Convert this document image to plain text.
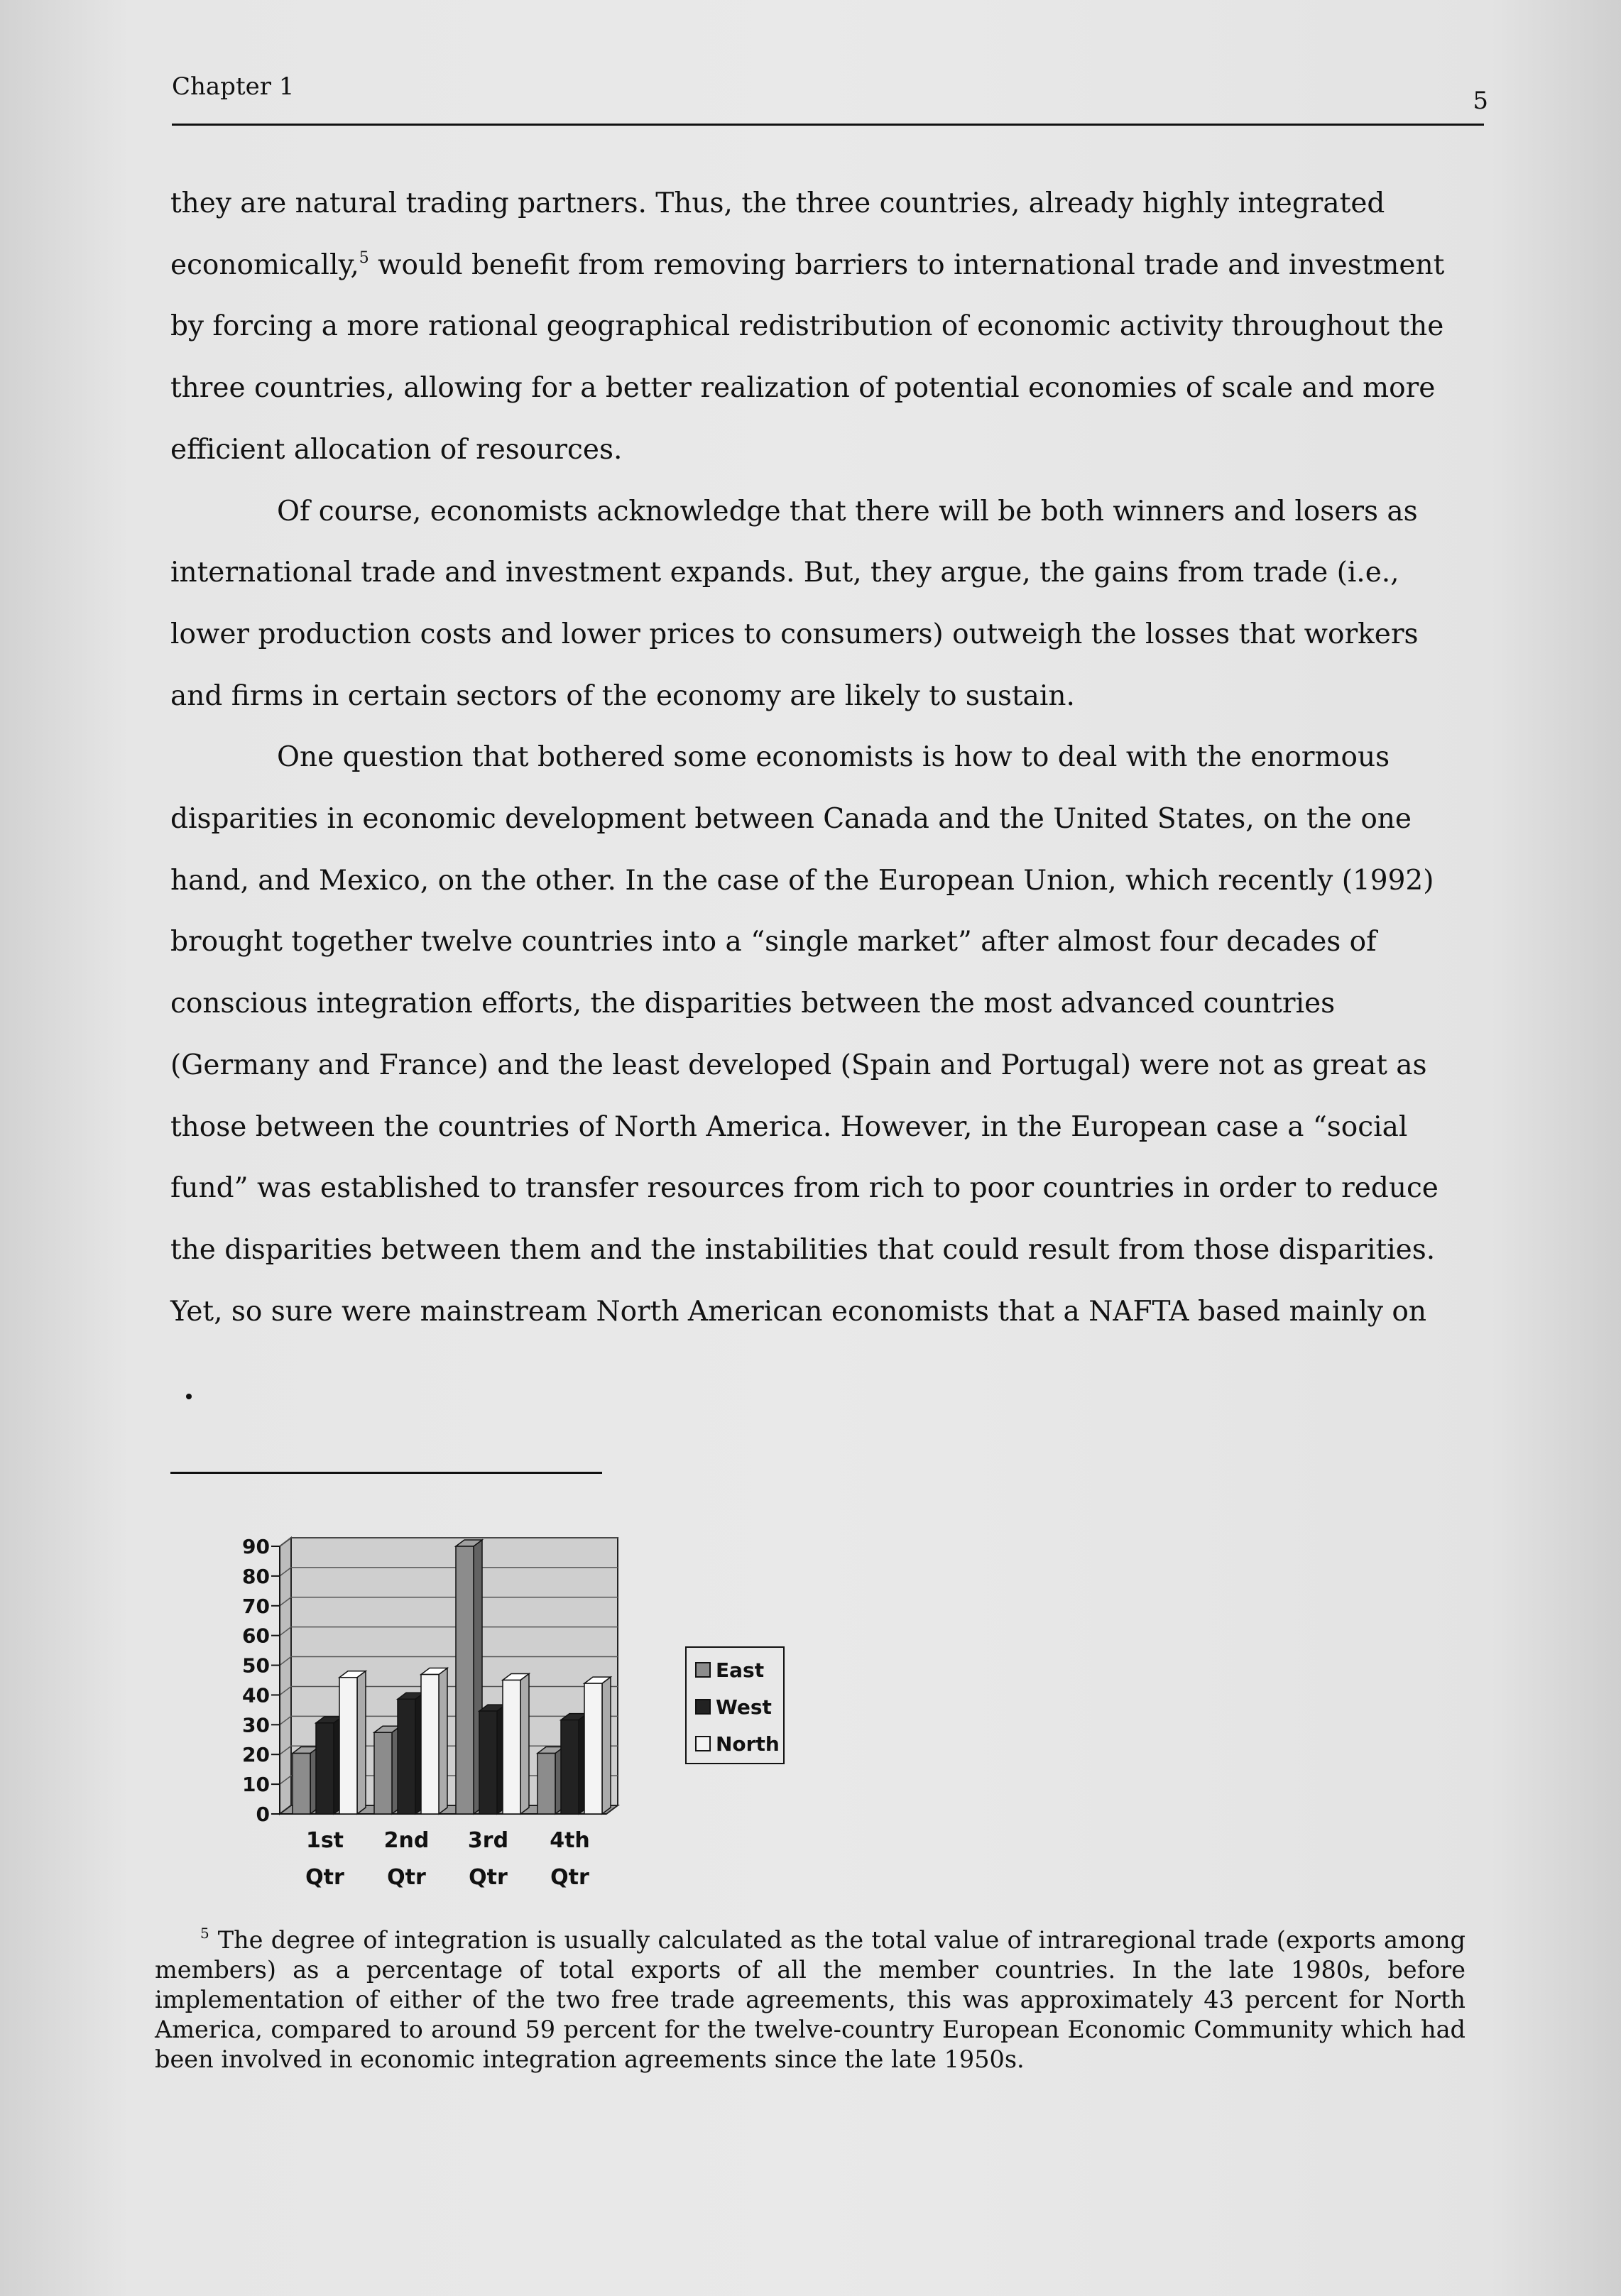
Chapter 1	5

they are natural trading partners. Thus, the three countries, already highly integrated economically,$^5$ would benefit from removing barriers to international trade and investment by forcing a more rational geographical redistribution of economic activity throughout the three countries, allowing for a better realization of potential economies of scale and more efficient allocation of resources.

Of course, economists acknowledge that there will be both winners and losers as international trade and investment expands. But, they argue, the gains from trade (i.e., lower production costs and lower prices to consumers) outweigh the losses that workers and firms in certain sectors of the economy are likely to sustain.

One question that bothered some economists is how to deal with the enormous disparities in economic development between Canada and the United States, on the one hand, and Mexico, on the other. In the case of the European Union, which recently (1992) brought together twelve countries into a “single market” after almost four decades of conscious integration efforts, the disparities between the most advanced countries (Germany and France) and the least developed (Spain and Portugal) were not as great as those between the countries of North America. However, in the European case a “social fund” was established to transfer resources from rich to poor countries in order to reduce the disparities between them and the instabilities that could result from those disparities. Yet, so sure were mainstream North American economists that a NAFTA based mainly on

0
10
20
30
40
50
60
70
80
90
1st
Qtr
2nd
Qtr
3rd
Qtr
4th
Qtr
East
West
North
$^5$ The degree of integration is usually calculated as the total value of intraregional trade (exports among members) as a percentage of total exports of all the member countries. In the late 1980s, before implementation of either of the two free trade agreements, this was approximately 43 percent for North America, compared to around 59 percent for the twelve-country European Economic Community which had been involved in economic integration agreements since the late 1950s.
